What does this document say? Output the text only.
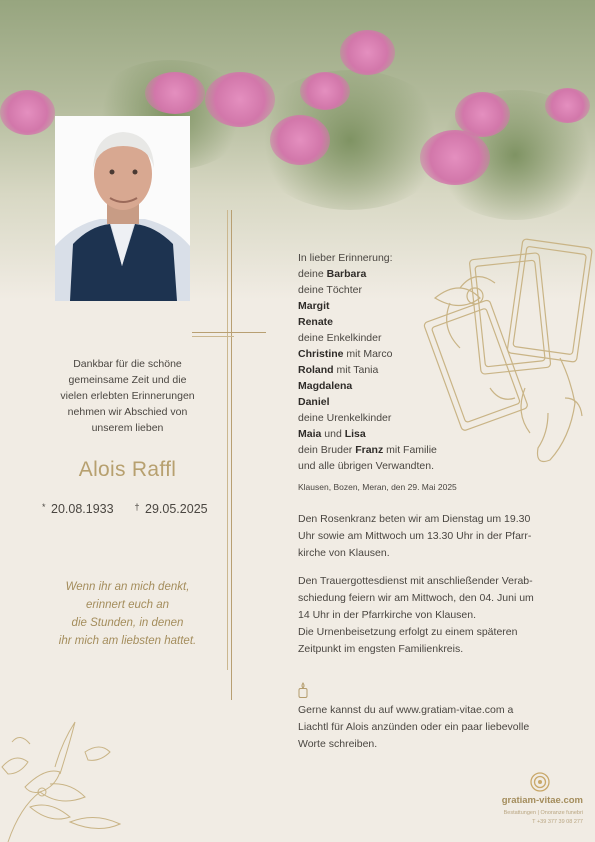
Dankbar für die schöne
gemeinsame Zeit und die
vielen erlebten Erinnerungen
nehmen wir Abschied von
unserem lieben
Alois Raffl
* 20.08.1933 † 29.05.2025
Wenn ihr an mich denkt,
erinnert euch an
die Stunden, in denen
ihr mich am liebsten hattet.
In lieber Erinnerung:
deine Barbara
deine Töchter
Margit
Renate
deine Enkelkinder
Christine mit Marco
Roland mit Tania
Magdalena
Daniel
deine Urenkelkinder
Maia und Lisa
dein Bruder Franz mit Familie
und alle übrigen Verwandten.
Klausen, Bozen, Meran, den 29. Mai 2025
Den Rosenkranz beten wir am Dienstag um 19.30
Uhr sowie am Mittwoch um 13.30 Uhr in der Pfarr-
kirche von Klausen.
Den Trauergottesdienst mit anschließender Verab-
schiedung feiern wir am Mittwoch, den 04. Juni um
14 Uhr in der Pfarrkirche von Klausen.
Die Urnenbeisetzung erfolgt zu einem späteren
Zeitpunkt im engsten Familienkreis.
Gerne kannst du auf www.gratiam-vitae.com a
Liachtl für Alois anzünden oder ein paar liebevolle
Worte schreiben.
gratiam-vitae.com
Bestattungen | Onoranze funebri
T +39 377 39 08 277
